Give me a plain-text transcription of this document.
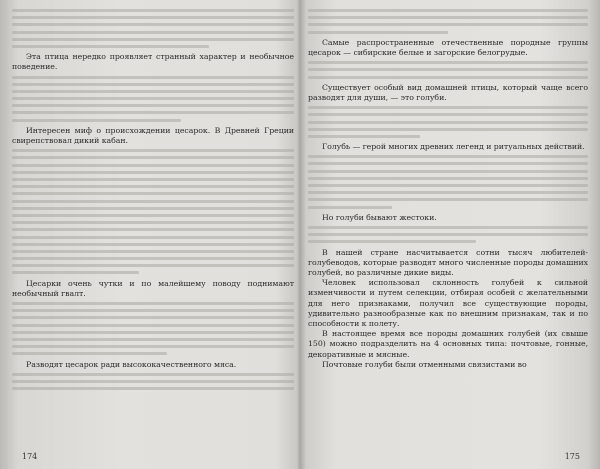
Эта птица нередко проявляет странный характер и необычное поведение.

Интересен миф о происхождении цесарок. В Древней Греции свирепствовал дикий кабан.

Цесарки очень чутки и по малейшему поводу поднимают необычный гвалт.

Разводят цесарок ради высококачественного мяса.

174

Самые распространенные отечественные породные группы цесарок — сибирские белые и загорские белогрудые.

Существует особый вид домашней птицы, который чаще всего разводят для души, — это голуби.

Голубь — герой многих древних легенд и ритуальных действий.

Но голуби бывают жестоки.

В нашей стране насчитывается сотни тысяч любителей-голубеводов, которые разводят много численные породы домашних голубей, во различные дикие виды.

Человек использовал склонность голубей к сильной изменчивости и путем селекции, отбирая особей с желательными для него признаками, получил все существующие породы, удивительно разнообразные как по внешним признакам, так и по способности к полету.

В настоящее время все породы домашних голубей (их свыше 150) можно подразделить на 4 основных типа: почтовые, гонные, декоративные и мясные.

Почтовые голуби были отменными связистами во

175
